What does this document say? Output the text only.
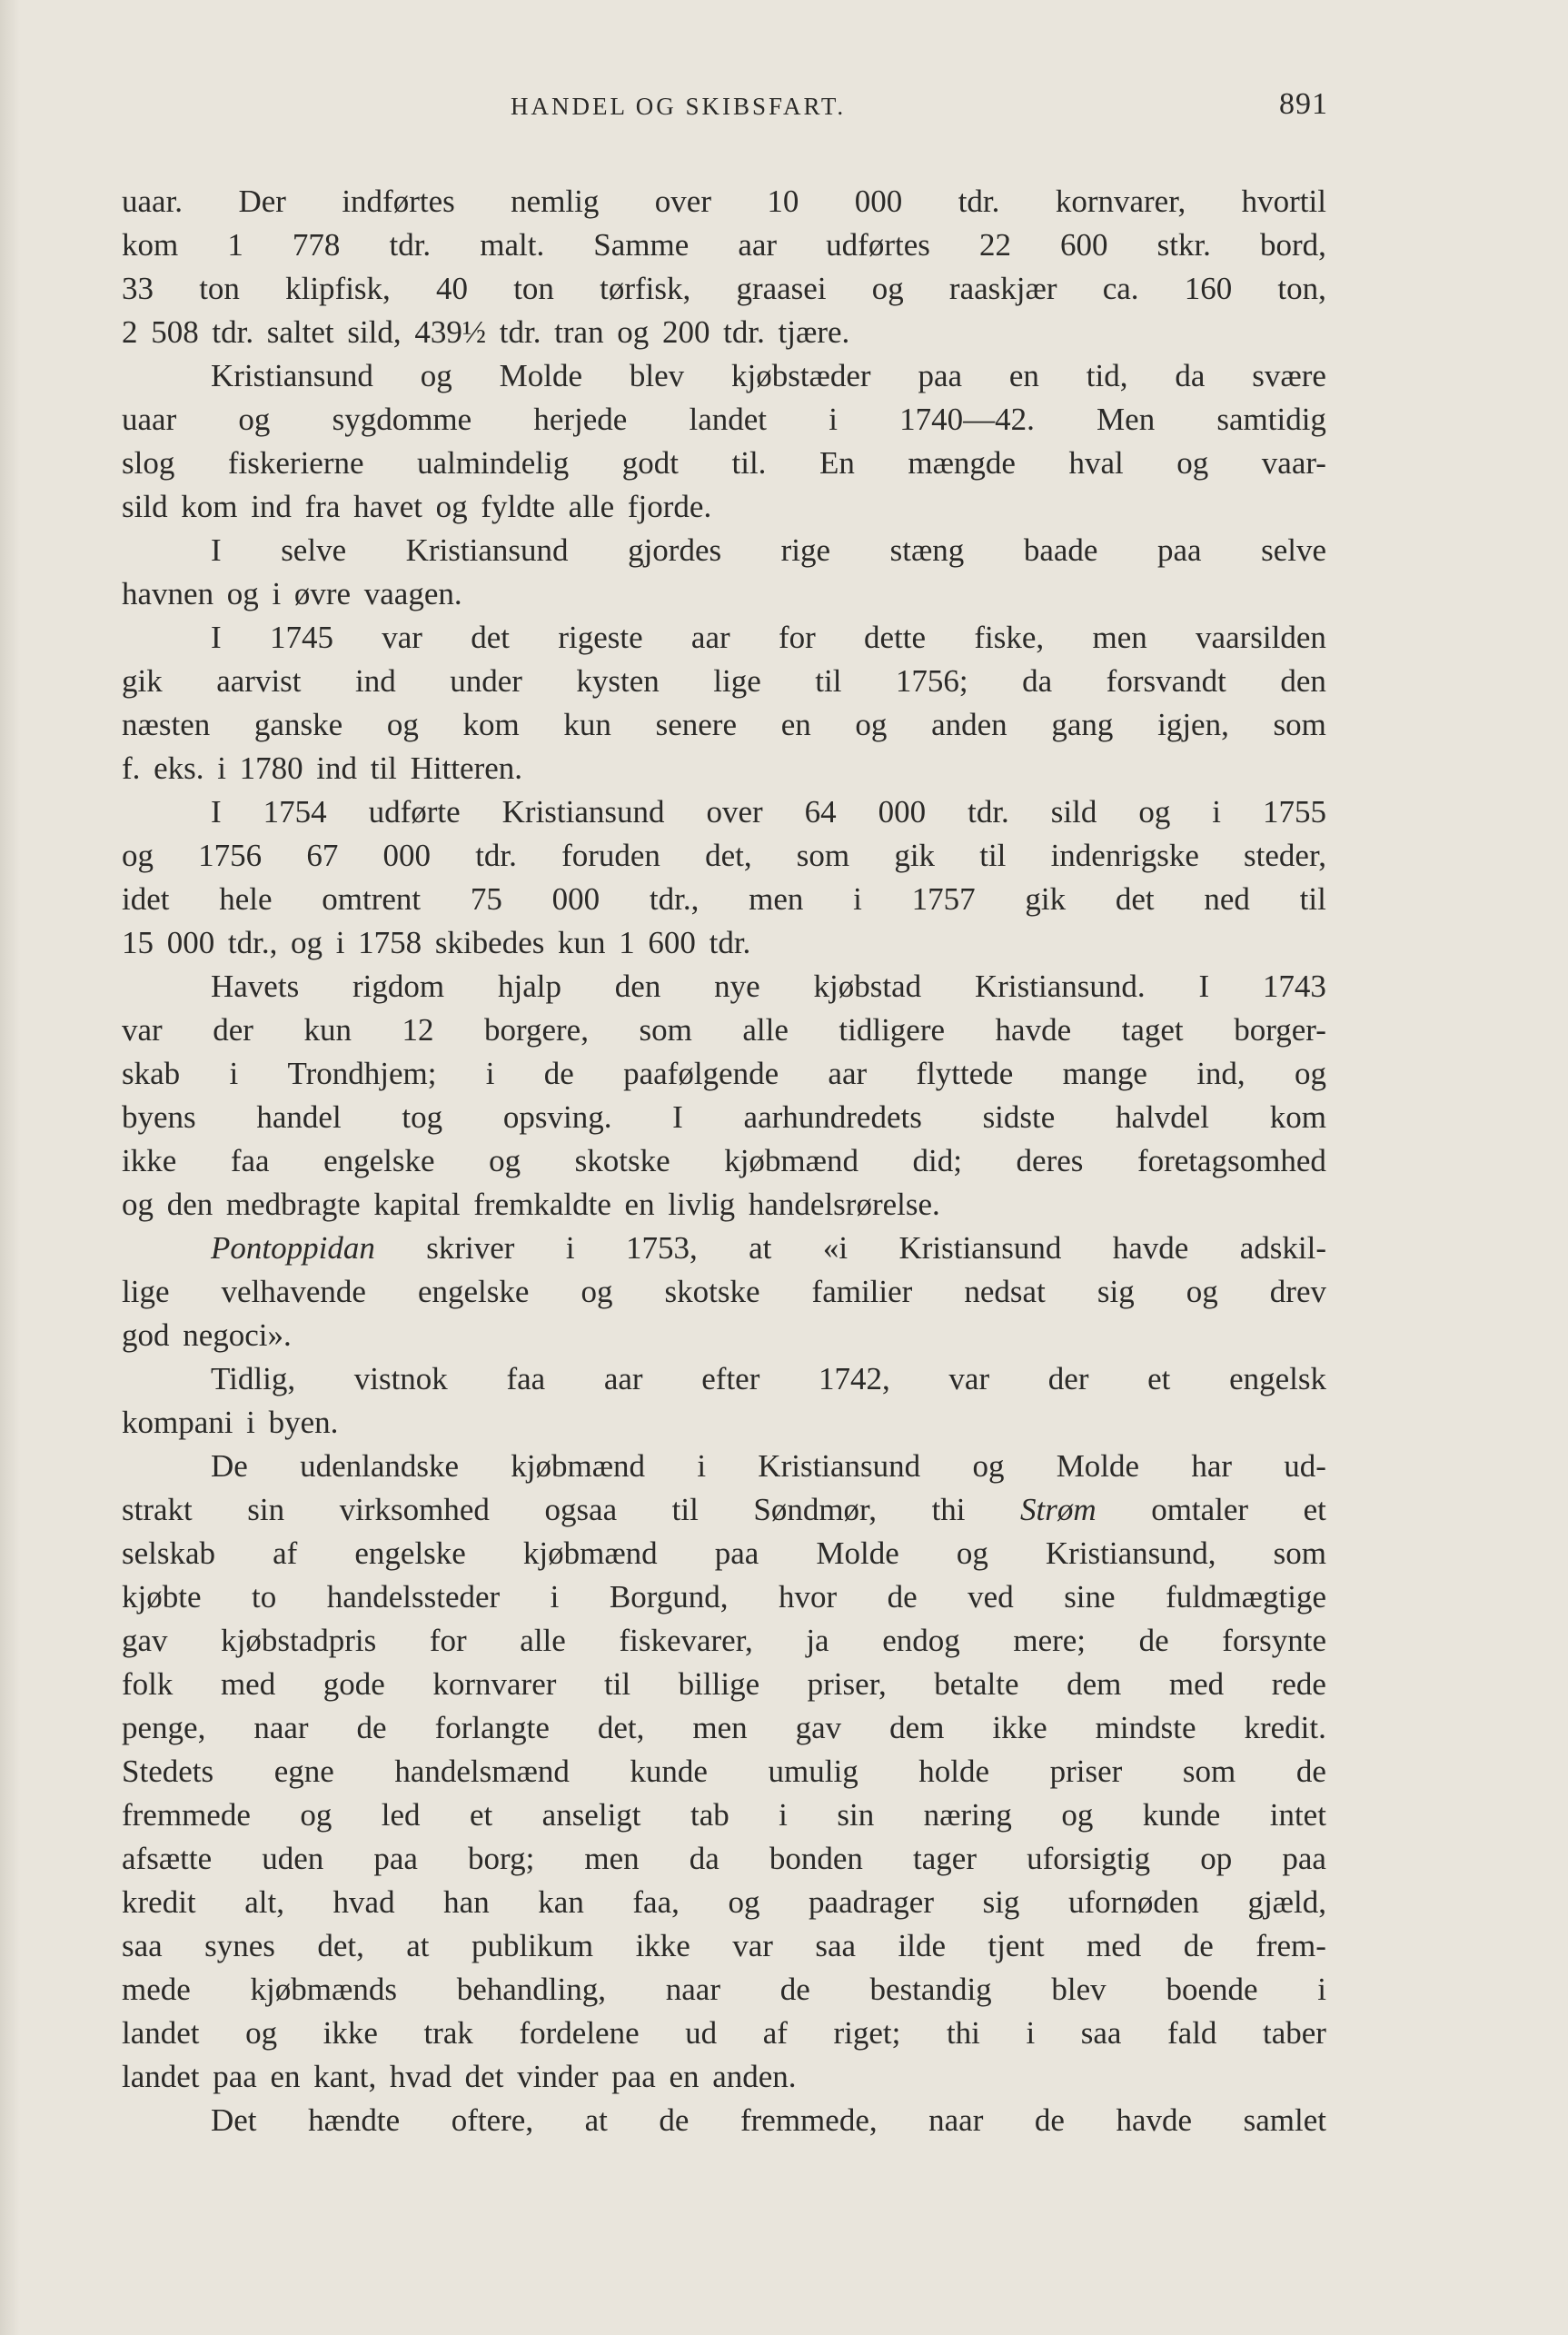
HANDEL OG SKIBSFART.	891
uaar. Der indførtes nemlig over 10 000 tdr. kornvarer, hvortil
kom 1 778 tdr. malt. Samme aar udførtes 22 600 stkr. bord,
33 ton klipfisk, 40 ton tørfisk, graasei og raaskjær ca. 160 ton,
2 508 tdr. saltet sild, 439½ tdr. tran og 200 tdr. tjære.
Kristiansund og Molde blev kjøbstæder paa en tid, da svære
uaar og sygdomme herjede landet i 1740—42. Men samtidig
slog fiskerierne ualmindelig godt til. En mængde hval og vaar-
sild kom ind fra havet og fyldte alle fjorde.
I selve Kristiansund gjordes rige stæng baade paa selve
havnen og i øvre vaagen.
I 1745 var det rigeste aar for dette fiske, men vaarsilden
gik aarvist ind under kysten lige til 1756; da forsvandt den
næsten ganske og kom kun senere en og anden gang igjen, som
f. eks. i 1780 ind til Hitteren.
I 1754 udførte Kristiansund over 64 000 tdr. sild og i 1755
og 1756 67 000 tdr. foruden det, som gik til indenrigske steder,
idet hele omtrent 75 000 tdr., men i 1757 gik det ned til
15 000 tdr., og i 1758 skibedes kun 1 600 tdr.
Havets rigdom hjalp den nye kjøbstad Kristiansund. I 1743
var der kun 12 borgere, som alle tidligere havde taget borger-
skab i Trondhjem; i de paafølgende aar flyttede mange ind, og
byens handel tog opsving. I aarhundredets sidste halvdel kom
ikke faa engelske og skotske kjøbmænd did; deres foretagsomhed
og den medbragte kapital fremkaldte en livlig handelsrørelse.
Pontoppidan skriver i 1753, at «i Kristiansund havde adskil-
lige velhavende engelske og skotske familier nedsat sig og drev
god negoci».
Tidlig, vistnok faa aar efter 1742, var der et engelsk
kompani i byen.
De udenlandske kjøbmænd i Kristiansund og Molde har ud-
strakt sin virksomhed ogsaa til Søndmør, thi Strøm omtaler et
selskab af engelske kjøbmænd paa Molde og Kristiansund, som
kjøbte to handelssteder i Borgund, hvor de ved sine fuldmægtige
gav kjøbstadpris for alle fiskevarer, ja endog mere; de forsynte
folk med gode kornvarer til billige priser, betalte dem med rede
penge, naar de forlangte det, men gav dem ikke mindste kredit.
Stedets egne handelsmænd kunde umulig holde priser som de
fremmede og led et anseligt tab i sin næring og kunde intet
afsætte uden paa borg; men da bonden tager uforsigtig op paa
kredit alt, hvad han kan faa, og paadrager sig ufornøden gjæld,
saa synes det, at publikum ikke var saa ilde tjent med de frem-
mede kjøbmænds behandling, naar de bestandig blev boende i
landet og ikke trak fordelene ud af riget; thi i saa fald taber
landet paa en kant, hvad det vinder paa en anden.
Det hændte oftere, at de fremmede, naar de havde samlet
